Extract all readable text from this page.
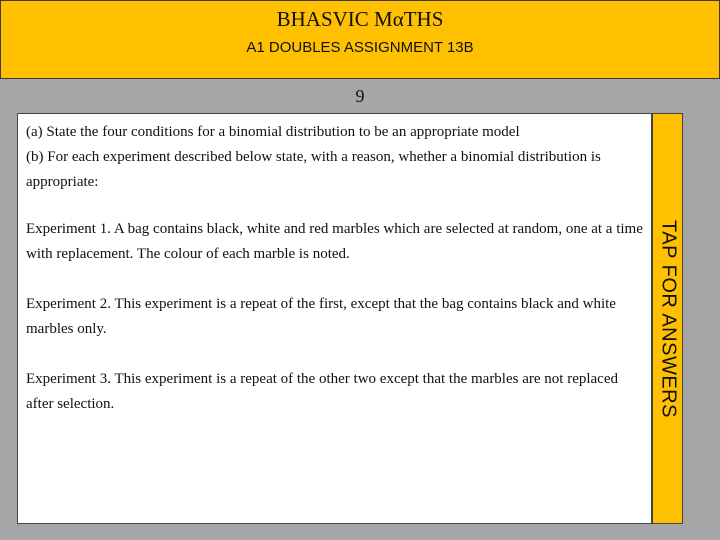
BHASVIC MαTHS
A1 DOUBLES ASSIGNMENT 13B
9

(a) State the four conditions for a binomial distribution to be an appropriate model
(b) For each experiment described below state, with a reason, whether a binomial distribution is appropriate:

Experiment 1. A bag contains black, white and red marbles which are selected at random, one at a time with replacement. The colour of each marble is noted.

Experiment 2. This experiment is a repeat of the first, except that the bag contains black and white marbles only.

Experiment 3. This experiment is a repeat of the other two except that the marbles are not replaced after selection.	TAP FOR ANSWERS
